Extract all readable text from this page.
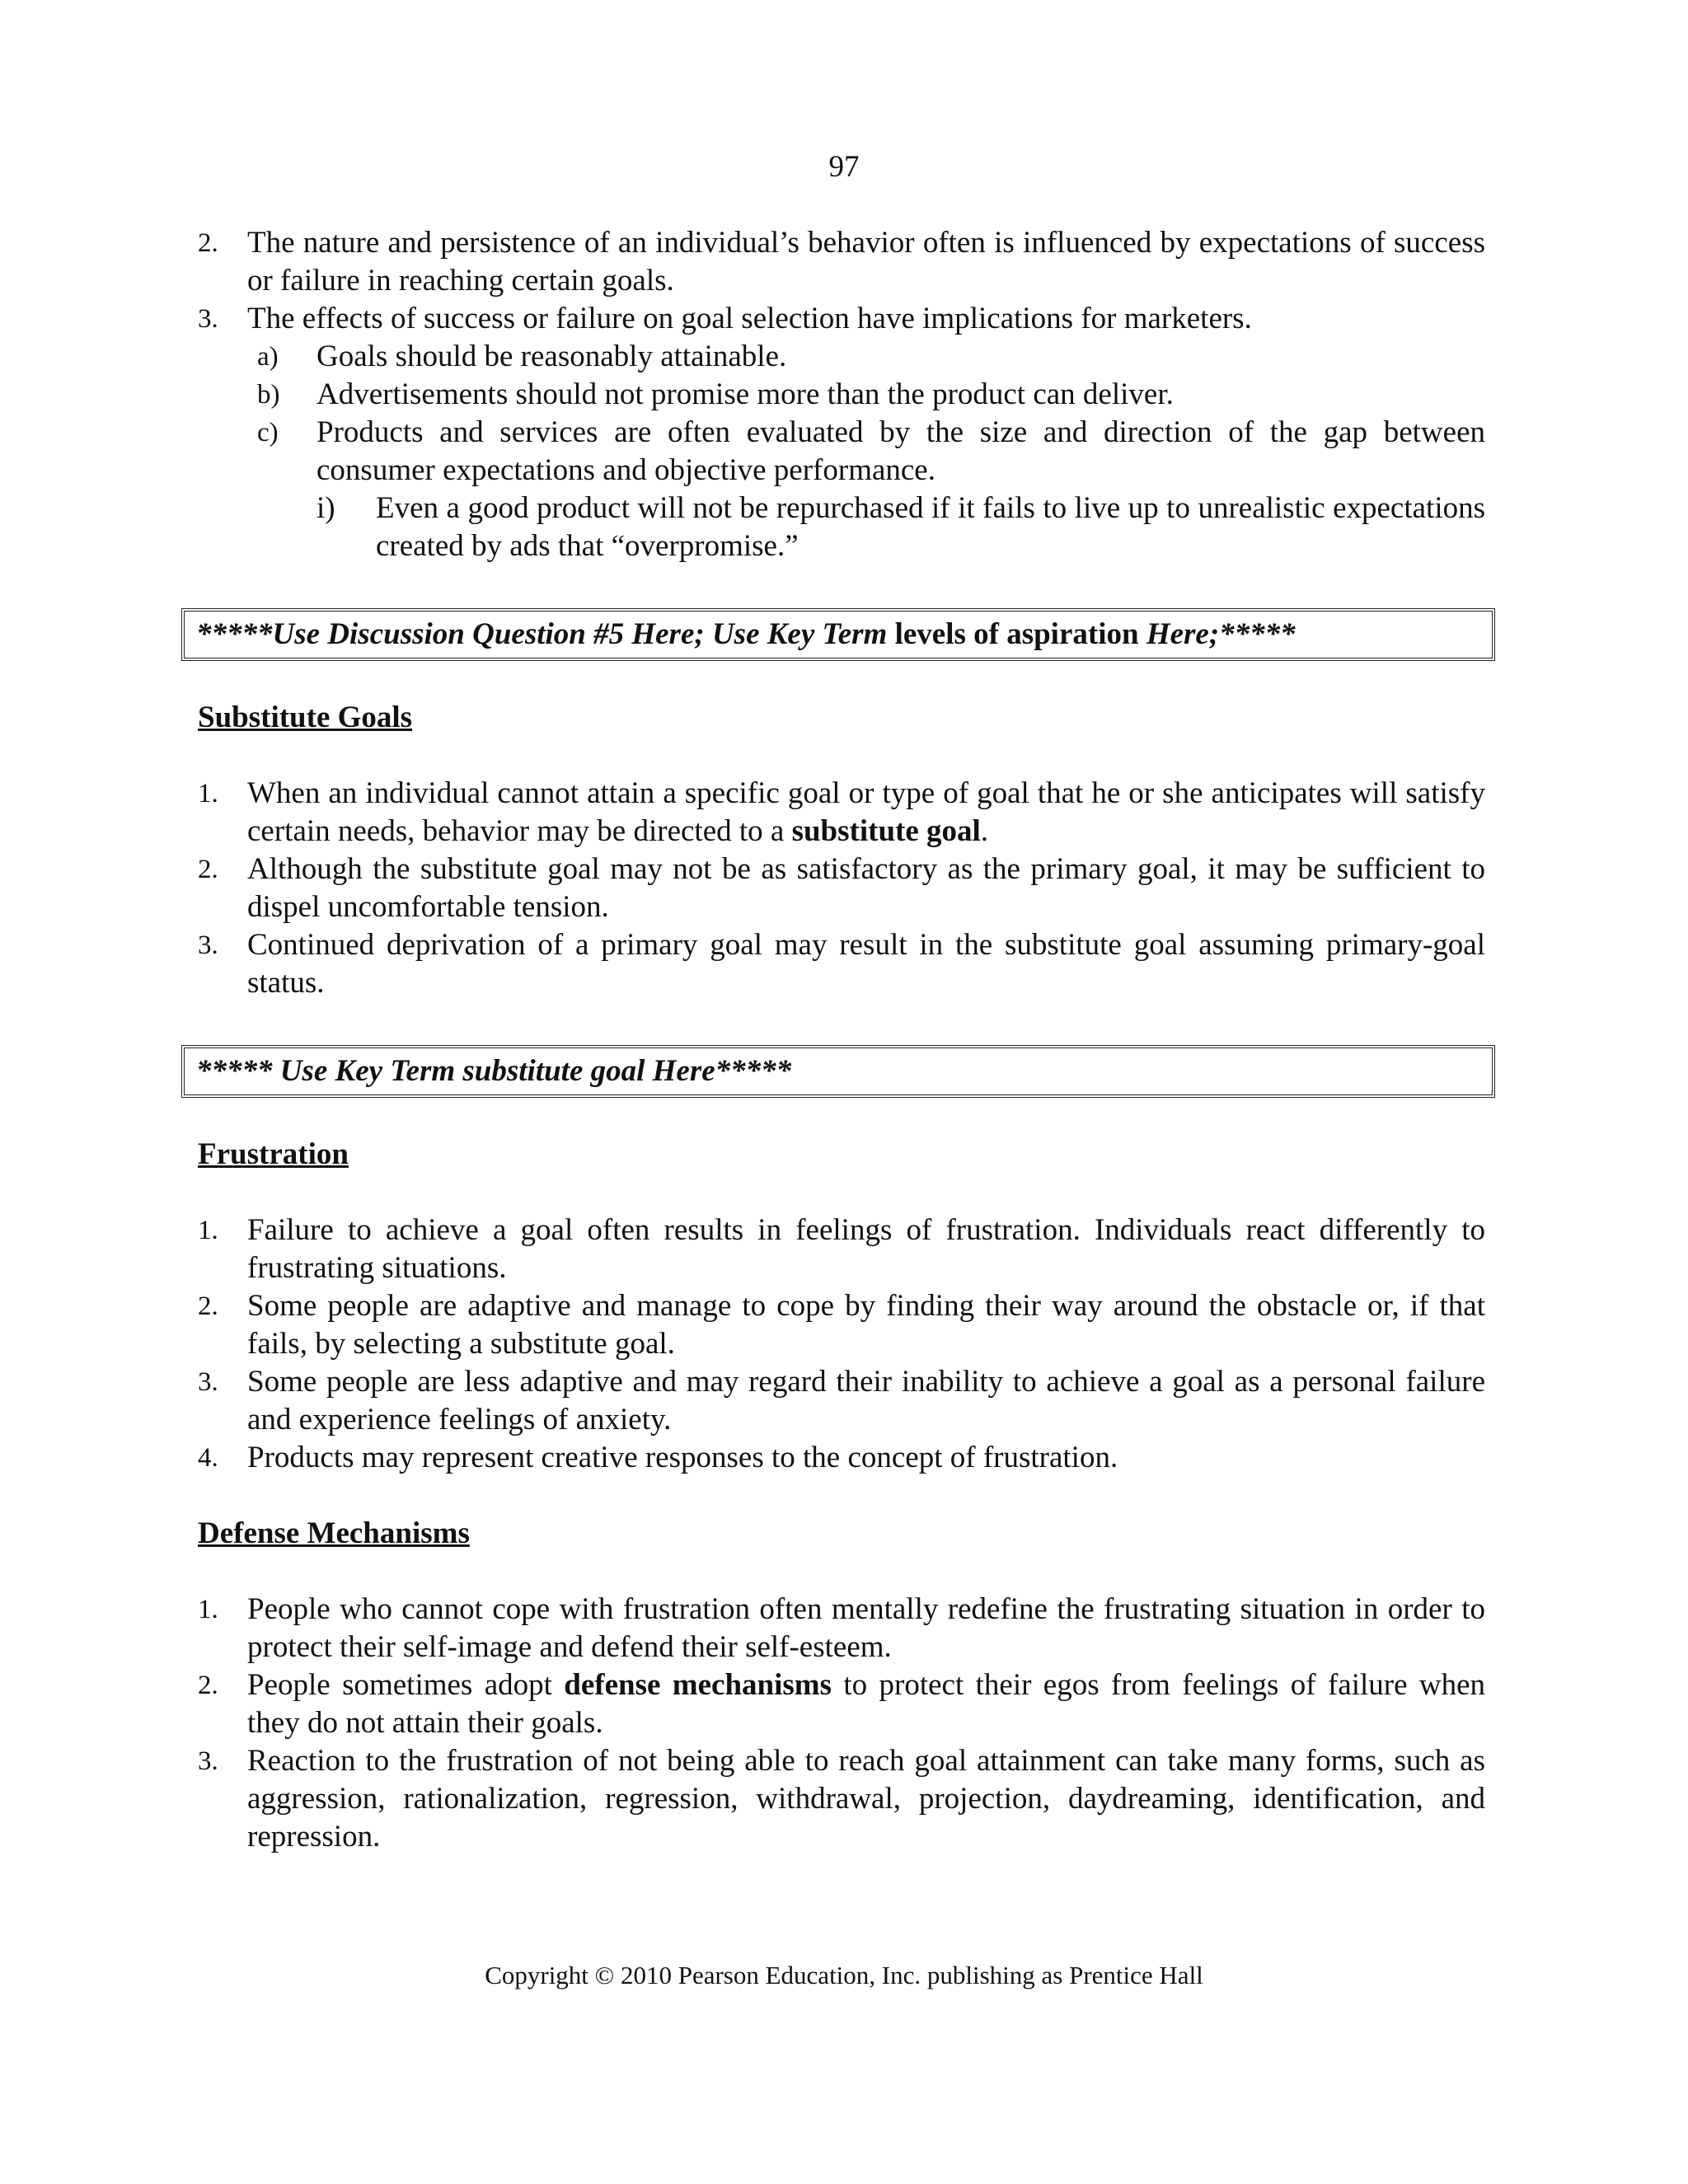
97
2. The nature and persistence of an individual’s behavior often is influenced by expectations of success or failure in reaching certain goals.
3. The effects of success or failure on goal selection have implications for marketers.
a) Goals should be reasonably attainable.
b) Advertisements should not promise more than the product can deliver.
c) Products and services are often evaluated by the size and direction of the gap between consumer expectations and objective performance.
i) Even a good product will not be repurchased if it fails to live up to unrealistic expectations created by ads that “overpromise.”
*****Use Discussion Question #5 Here; Use Key Term levels of aspiration Here;*****
Substitute Goals
1. When an individual cannot attain a specific goal or type of goal that he or she anticipates will satisfy certain needs, behavior may be directed to a substitute goal.
2. Although the substitute goal may not be as satisfactory as the primary goal, it may be sufficient to dispel uncomfortable tension.
3. Continued deprivation of a primary goal may result in the substitute goal assuming primary-goal status.
***** Use Key Term substitute goal Here*****
Frustration
1. Failure to achieve a goal often results in feelings of frustration. Individuals react differently to frustrating situations.
2. Some people are adaptive and manage to cope by finding their way around the obstacle or, if that fails, by selecting a substitute goal.
3. Some people are less adaptive and may regard their inability to achieve a goal as a personal failure and experience feelings of anxiety.
4. Products may represent creative responses to the concept of frustration.
Defense Mechanisms
1. People who cannot cope with frustration often mentally redefine the frustrating situation in order to protect their self-image and defend their self-esteem.
2. People sometimes adopt defense mechanisms to protect their egos from feelings of failure when they do not attain their goals.
3. Reaction to the frustration of not being able to reach goal attainment can take many forms, such as aggression, rationalization, regression, withdrawal, projection, daydreaming, identification, and repression.
Copyright © 2010 Pearson Education, Inc. publishing as Prentice Hall
